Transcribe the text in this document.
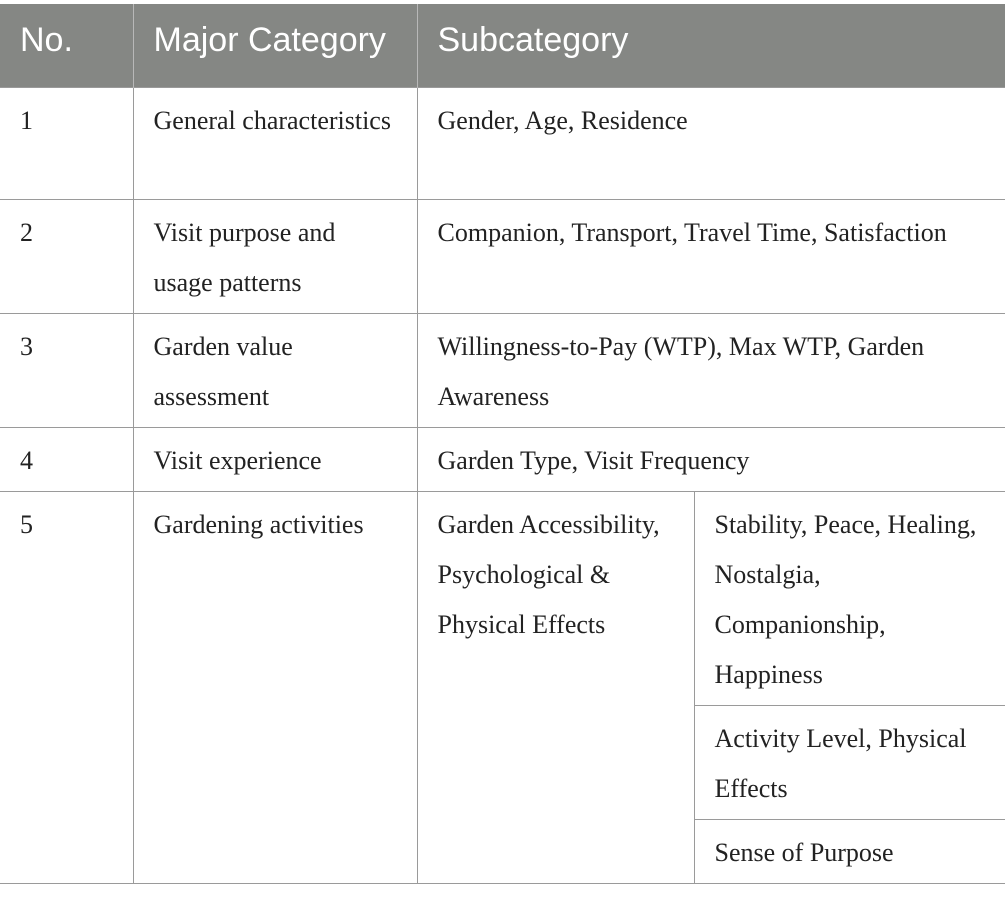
No.	Major Category	Subcategory	
1	General characteristics	Gender, Age, Residence	
2	Visit purpose and usage patterns	Companion, Transport, Travel Time, Satisfaction	
3	Garden value assessment	Willingness-to-Pay (WTP), Max WTP, Garden Awareness	
4	Visit experience	Garden Type, Visit Frequency	
5	Gardening activities	Garden Accessibility, Psychological & Physical Effects	Stability, Peace, Healing, Nostalgia, Companionship, Happiness
			Activity Level, Physical Effects
			Sense of Purpose
